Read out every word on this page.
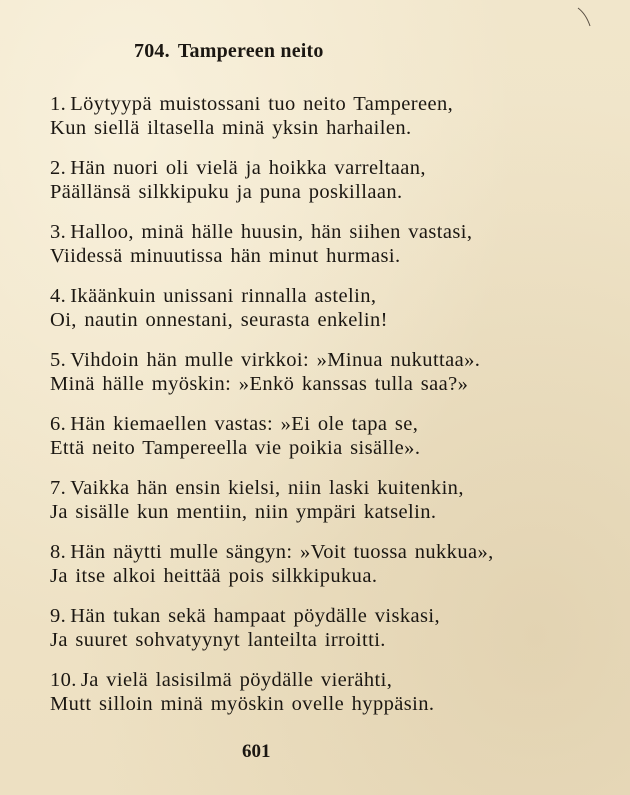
704. Tampereen neito
1. Löytyypä muistossani tuo neito Tampereen,
Kun siellä iltasella minä yksin harhailen.
2. Hän nuori oli vielä ja hoikka varreltaan,
Päällänsä silkkipuku ja puna poskillaan.
3. Halloo, minä hälle huusin, hän siihen vastasi,
Viidessä minuutissa hän minut hurmasi.
4. Ikäänkuin unissani rinnalla astelin,
Oi, nautin onnestani, seurasta enkelin!
5. Vihdoin hän mulle virkkoi: »Minua nukuttaa».
Minä hälle myöskin: »Enkö kanssas tulla saa?»
6. Hän kiemaellen vastas: »Ei ole tapa se,
Että neito Tampereella vie poikia sisälle».
7. Vaikka hän ensin kielsi, niin laski kuitenkin,
Ja sisälle kun mentiin, niin ympäri katselin.
8. Hän näytti mulle sängyn: »Voit tuossa nukkua»,
Ja itse alkoi heittää pois silkkipukua.
9. Hän tukan sekä hampaat pöydälle viskasi,
Ja suuret sohvatyynyt lanteilta irroitti.
10. Ja vielä lasisilmä pöydälle vierähti,
Mutt silloin minä myöskin ovelle hyppäsin.
601
